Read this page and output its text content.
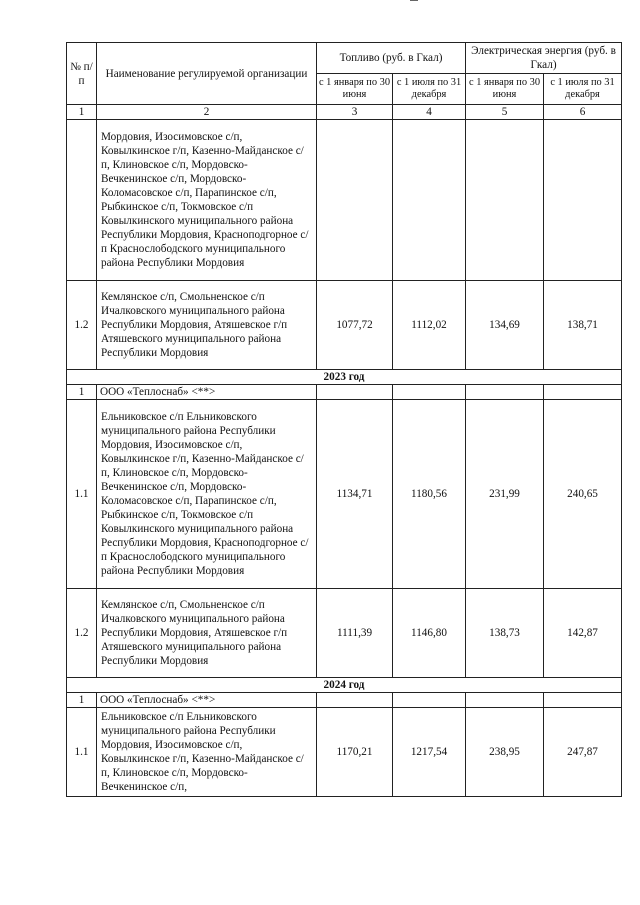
№ п/п	Наименование регулируемой организации	Топливо (руб. в Гкал)		Электрическая энергия (руб. в Гкал)	
		с 1 января по 30 июня	с 1 июля по 31 декабря	с 1 января по 30 июня	с 1 июля по 31 декабря
1	2	3	4	5	6
	Мордовия, Изосимовское с/п, Ковылкинское г/п, Казенно-Майданское с/п, Клиновское с/п, Мордовско-Вечкенинское с/п, Мордовско-Коломасовское с/п, Парапинское с/п, Рыбкинское с/п, Токмовское с/п Ковылкинского муниципального района Республики Мордовия, Красноподгорное с/п Краснослободского муниципального района Республики Мордовия				
1.2	Кемлянское с/п, Смольненское с/п Ичалковского муниципального района Республики Мордовия, Атяшевское г/п Атяшевского муниципального района Республики Мордовия	1077,72	1112,02	134,69	138,71
2023 год					
1	ООО «Теплоснаб» <**>				
1.1	Ельниковское с/п Ельниковского муниципального района Республики Мордовия, Изосимовское с/п, Ковылкинское г/п, Казенно-Майданское с/п, Клиновское с/п, Мордовско-Вечкенинское с/п, Мордовско-Коломасовское с/п, Парапинское с/п, Рыбкинское с/п, Токмовское с/п Ковылкинского муниципального района Республики Мордовия, Красноподгорное с/п Краснослободского муниципального района Республики Мордовия	1134,71	1180,56	231,99	240,65
1.2	Кемлянское с/п, Смольненское с/п Ичалковского муниципального района Республики Мордовия, Атяшевское г/п Атяшевского муниципального района Республики Мордовия	1111,39	1146,80	138,73	142,87
2024 год					
1	ООО «Теплоснаб» <**>				
1.1	Ельниковское с/п Ельниковского муниципального района Республики Мордовия, Изосимовское с/п, Ковылкинское г/п, Казенно-Майданское с/п, Клиновское с/п, Мордовско-Вечкенинское с/п,	1170,21	1217,54	238,95	247,87
